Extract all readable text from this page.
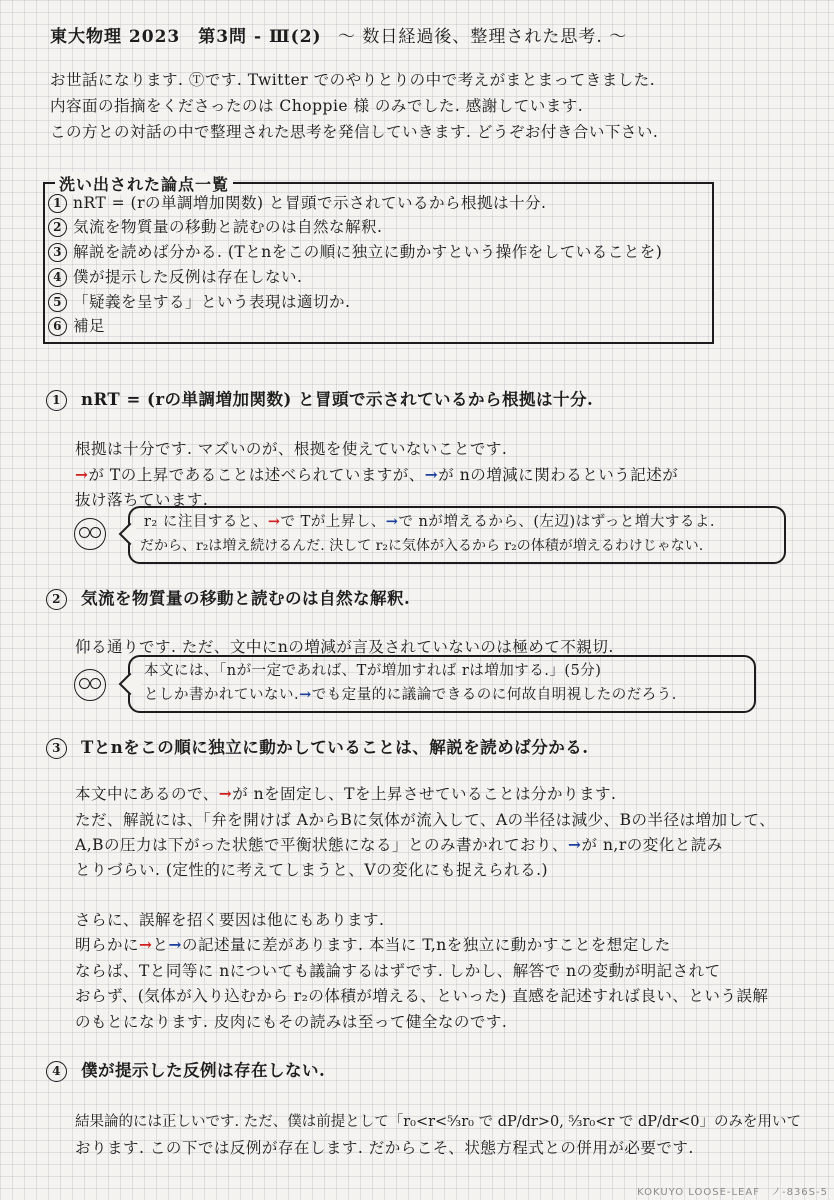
東大物理 2023　第3問 - Ⅲ(2) 〜 数日経過後、整理された思考. 〜
お世話になります. Ⓣです. Twitter でのやりとりの中で考えがまとまってきました.
内容面の指摘をくださったのは Choppie 様 のみでした. 感謝しています.
この方との対話の中で整理された思考を発信していきます. どうぞお付き合い下さい.
洗い出された論点一覧
1 nRT = (rの単調増加関数) と冒頭で示されているから根拠は十分.
2 気流を物質量の移動と読むのは自然な解釈.
3 解説を読めば分かる. (Tとnをこの順に独立に動かすという操作をしていることを)
4 僕が提示した反例は存在しない.
5 「疑義を呈する」という表現は適切か.
6 補足
1 nRT = (rの単調増加関数) と冒頭で示されているから根拠は十分.
根拠は十分です. マズいのが、根拠を使えていないことです.
→が Tの上昇であることは述べられていますが、→が nの増減に関わるという記述が
抜け落ちています.
r₂ に注目すると、→で Tが上昇し、→で nが増えるから、(左辺)はずっと増大するよ.
だから、r₂は増え続けるんだ. 決して r₂に気体が入るから r₂の体積が増えるわけじゃない.
2 気流を物質量の移動と読むのは自然な解釈.
仰る通りです. ただ、文中にnの増減が言及されていないのは極めて不親切.
本文には、「nが一定であれば、Tが増加すれば rは増加する.」(5分)
としか書かれていない.→でも定量的に議論できるのに何故自明視したのだろう.
3 Tとnをこの順に独立に動かしていることは、解説を読めば分かる.
本文中にあるので、→が nを固定し、Tを上昇させていることは分かります.
ただ、解説には、「弁を開けば AからBに気体が流入して、Aの半径は減少、Bの半径は増加して、
A,Bの圧力は下がった状態で平衡状態になる」とのみ書かれており、→が n,rの変化と読み
とりづらい. (定性的に考えてしまうと、Vの変化にも捉えられる.)
さらに、誤解を招く要因は他にもあります.
明らかに→と→の記述量に差があります. 本当に T,nを独立に動かすことを想定した
ならば、Tと同等に nについても議論するはずです. しかし、解答で nの変動が明記されて
おらず、(気体が入り込むから r₂の体積が増える、といった) 直感を記述すれば良い、という誤解
のもとになります. 皮肉にもその読みは至って健全なのです.
4 僕が提示した反例は存在しない.
結果論的には正しいです. ただ、僕は前提として「r₀<r<⁵⁄₃r₀ で dP/dr>0, ⁵⁄₃r₀<r で dP/dr<0」のみを用いて
おります. この下では反例が存在します. だからこそ、状態方程式との併用が必要です.
KOKUYO LOOSE-LEAF　ノ-836S-5
